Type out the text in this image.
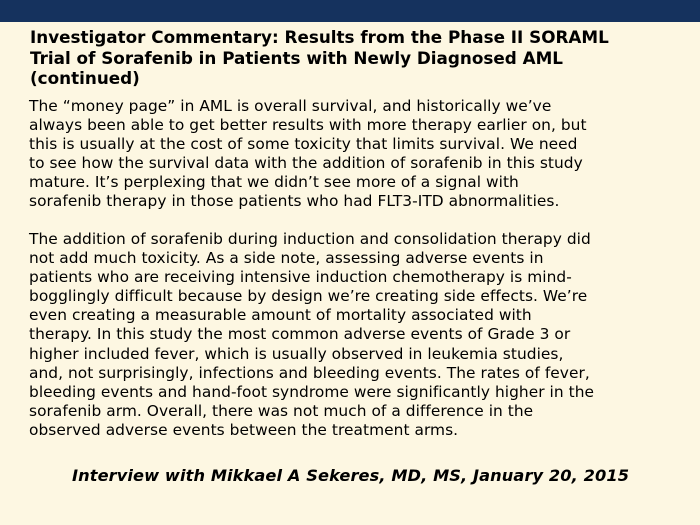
Investigator Commentary: Results from the Phase II SORAML
Trial of Sorafenib in Patients with Newly Diagnosed AML
(continued)

The “money page” in AML is overall survival, and historically we’ve
always been able to get better results with more therapy earlier on, but
this is usually at the cost of some toxicity that limits survival. We need
to see how the survival data with the addition of sorafenib in this study
mature. It’s perplexing that we didn’t see more of a signal with
sorafenib therapy in those patients who had FLT3-ITD abnormalities.

The addition of sorafenib during induction and consolidation therapy did
not add much toxicity. As a side note, assessing adverse events in
patients who are receiving intensive induction chemotherapy is mind-
bogglingly difficult because by design we’re creating side effects. We’re
even creating a measurable amount of mortality associated with
therapy. In this study the most common adverse events of Grade 3 or
higher included fever, which is usually observed in leukemia studies,
and, not surprisingly, infections and bleeding events. The rates of fever,
bleeding events and hand-foot syndrome were significantly higher in the
sorafenib arm. Overall, there was not much of a difference in the
observed adverse events between the treatment arms.

Interview with Mikkael A Sekeres, MD, MS, January 20, 2015
